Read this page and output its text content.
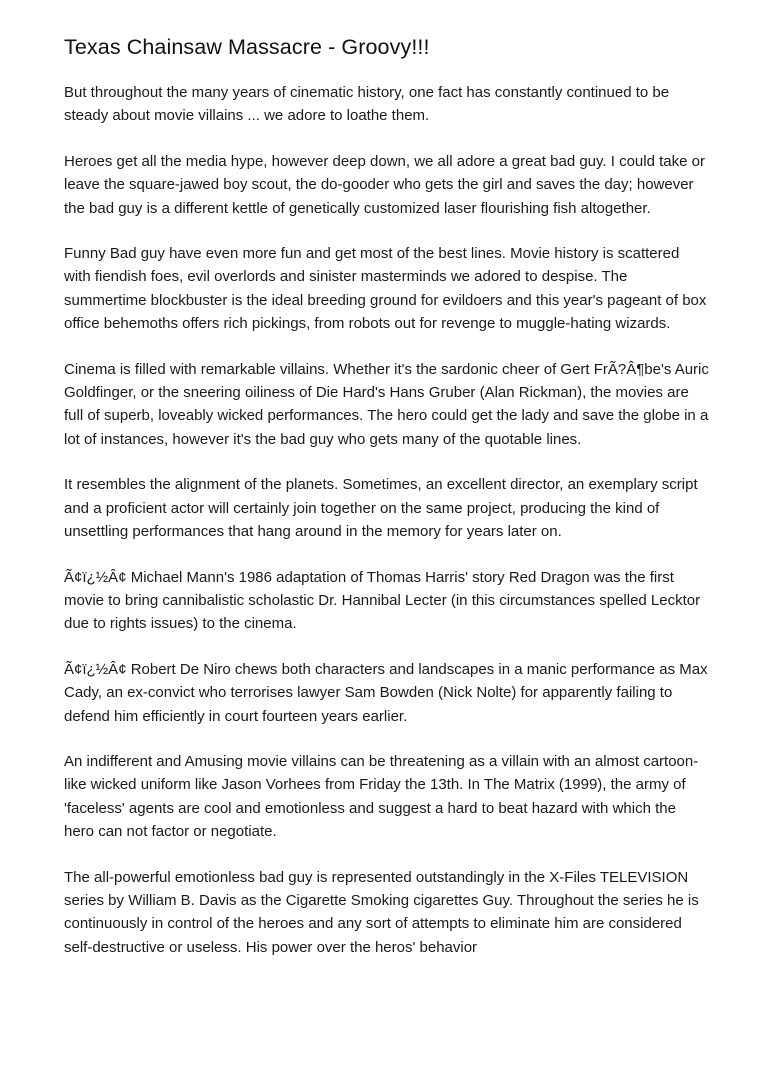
Texas Chainsaw Massacre - Groovy!!!

But throughout the many years of cinematic history, one fact has constantly continued to be steady about movie villains ... we adore to loathe them.

Heroes get all the media hype, however deep down, we all adore a great bad guy. I could take or leave the square-jawed boy scout, the do-gooder who gets the girl and saves the day; however the bad guy is a different kettle of genetically customized laser flourishing fish altogether.

Funny Bad guy have even more fun and get most of the best lines. Movie history is scattered with fiendish foes, evil overlords and sinister masterminds we adored to despise. The summertime blockbuster is the ideal breeding ground for evildoers and this year's pageant of box office behemoths offers rich pickings, from robots out for revenge to muggle-hating wizards.

Cinema is filled with remarkable villains. Whether it's the sardonic cheer of Gert FrÃ?Â¶be's Auric Goldfinger, or the sneering oiliness of Die Hard's Hans Gruber (Alan Rickman), the movies are full of superb, loveably wicked performances. The hero could get the lady and save the globe in a lot of instances, however it's the bad guy who gets many of the quotable lines.

It resembles the alignment of the planets. Sometimes, an excellent director, an exemplary script and a proficient actor will certainly join together on the same project, producing the kind of unsettling performances that hang around in the memory for years later on.

Ã¢ï¿½Â¢ Michael Mann's 1986 adaptation of Thomas Harris' story Red Dragon was the first movie to bring cannibalistic scholastic Dr. Hannibal Lecter (in this circumstances spelled Lecktor due to rights issues) to the cinema.

Ã¢ï¿½Â¢ Robert De Niro chews both characters and landscapes in a manic performance as Max Cady, an ex-convict who terrorises lawyer Sam Bowden (Nick Nolte) for apparently failing to defend him efficiently in court fourteen years earlier.

An indifferent and Amusing movie villains can be threatening as a villain with an almost cartoon-like wicked uniform like Jason Vorhees from Friday the 13th. In The Matrix (1999), the army of 'faceless' agents are cool and emotionless and suggest a hard to beat hazard with which the hero can not factor or negotiate.

The all-powerful emotionless bad guy is represented outstandingly in the X-Files TELEVISION series by William B. Davis as the Cigarette Smoking cigarettes Guy. Throughout the series he is continuously in control of the heroes and any sort of attempts to eliminate him are considered self-destructive or useless. His power over the heros' behavior
